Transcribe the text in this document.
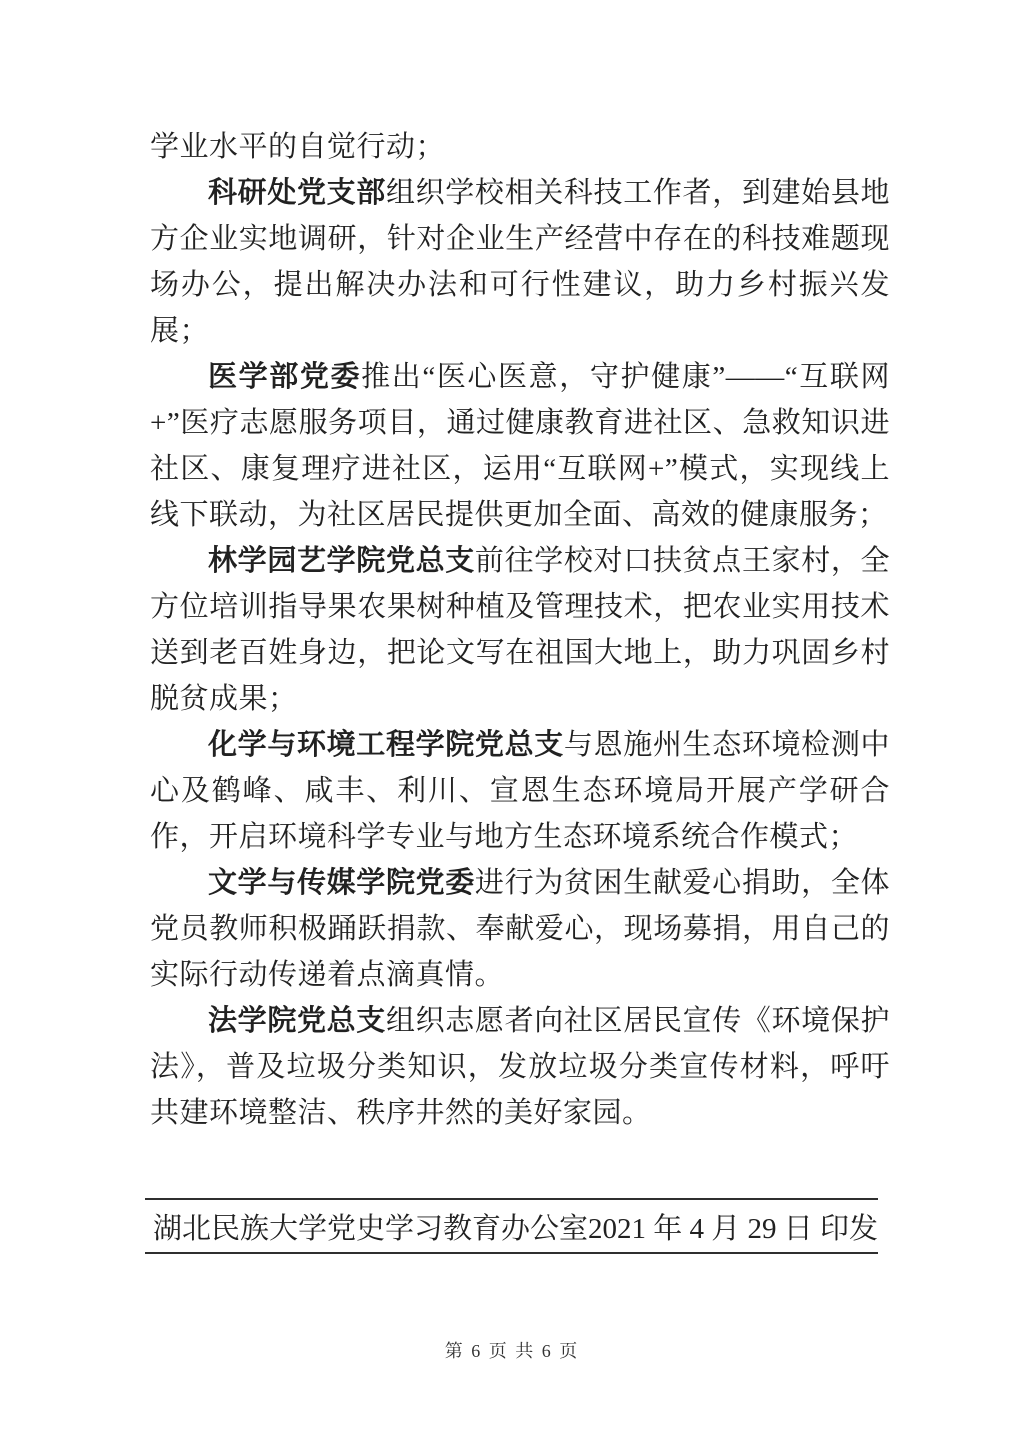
学业水平的自觉行动；

科研处党支部组织学校相关科技工作者，到建始县地方企业实地调研，针对企业生产经营中存在的科技难题现场办公，提出解决办法和可行性建议，助力乡村振兴发展；

医学部党委推出“医心医意，守护健康”——“互联网+”医疗志愿服务项目，通过健康教育进社区、急救知识进社区、康复理疗进社区，运用“互联网+”模式，实现线上线下联动，为社区居民提供更加全面、高效的健康服务；

林学园艺学院党总支前往学校对口扶贫点王家村，全方位培训指导果农果树种植及管理技术，把农业实用技术送到老百姓身边，把论文写在祖国大地上，助力巩固乡村脱贫成果；

化学与环境工程学院党总支与恩施州生态环境检测中心及鹤峰、咸丰、利川、宣恩生态环境局开展产学研合作，开启环境科学专业与地方生态环境系统合作模式；

文学与传媒学院党委进行为贫困生献爱心捐助，全体党员教师积极踊跃捐款、奉献爱心，现场募捐，用自己的实际行动传递着点滴真情。

法学院党总支组织志愿者向社区居民宣传《环境保护法》，普及垃圾分类知识，发放垃圾分类宣传材料，呼吁共建环境整洁、秩序井然的美好家园。

湖北民族大学党史学习教育办公室 2021 年 4 月 29 日 印发
第 6 页 共 6 页
